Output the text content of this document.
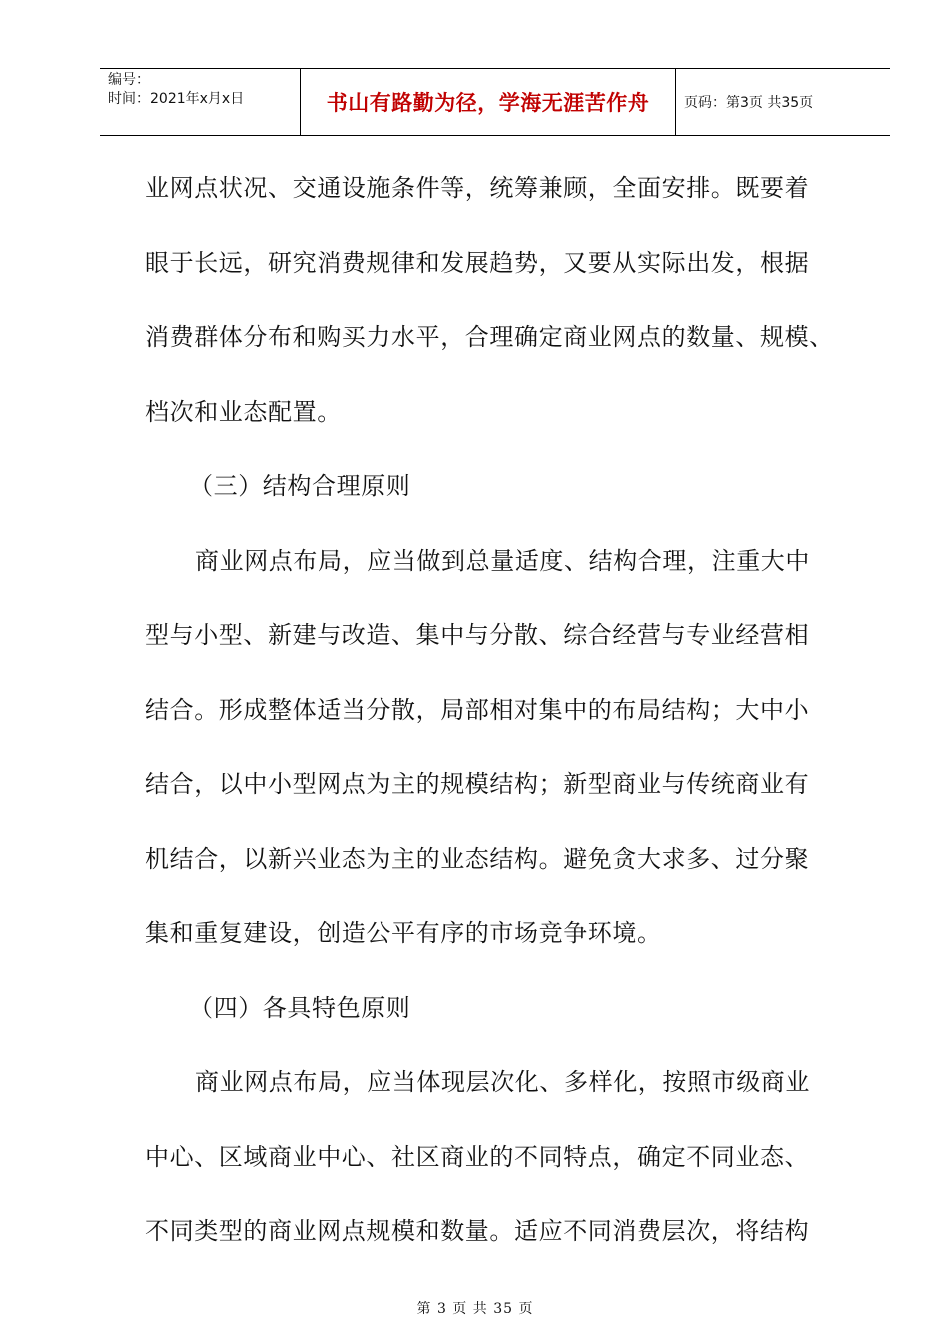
编号：
时间：2021年x月x日	书山有路勤为径，学海无涯苦作舟	页码：第3页 共35页
业网点状况、交通设施条件等，统筹兼顾，全面安排。既要着
眼于长远，研究消费规律和发展趋势，又要从实际出发，根据
消费群体分布和购买力水平，合理确定商业网点的数量、规模、
档次和业态配置。
（三）结构合理原则
商业网点布局，应当做到总量适度、结构合理，注重大中
型与小型、新建与改造、集中与分散、综合经营与专业经营相
结合。形成整体适当分散，局部相对集中的布局结构；大中小
结合，以中小型网点为主的规模结构；新型商业与传统商业有
机结合，以新兴业态为主的业态结构。避免贪大求多、过分聚
集和重复建设，创造公平有序的市场竞争环境。
（四）各具特色原则
商业网点布局，应当体现层次化、多样化，按照市级商业
中心、区域商业中心、社区商业的不同特点，确定不同业态、
不同类型的商业网点规模和数量。适应不同消费层次，将结构
第 3 页 共 35 页
